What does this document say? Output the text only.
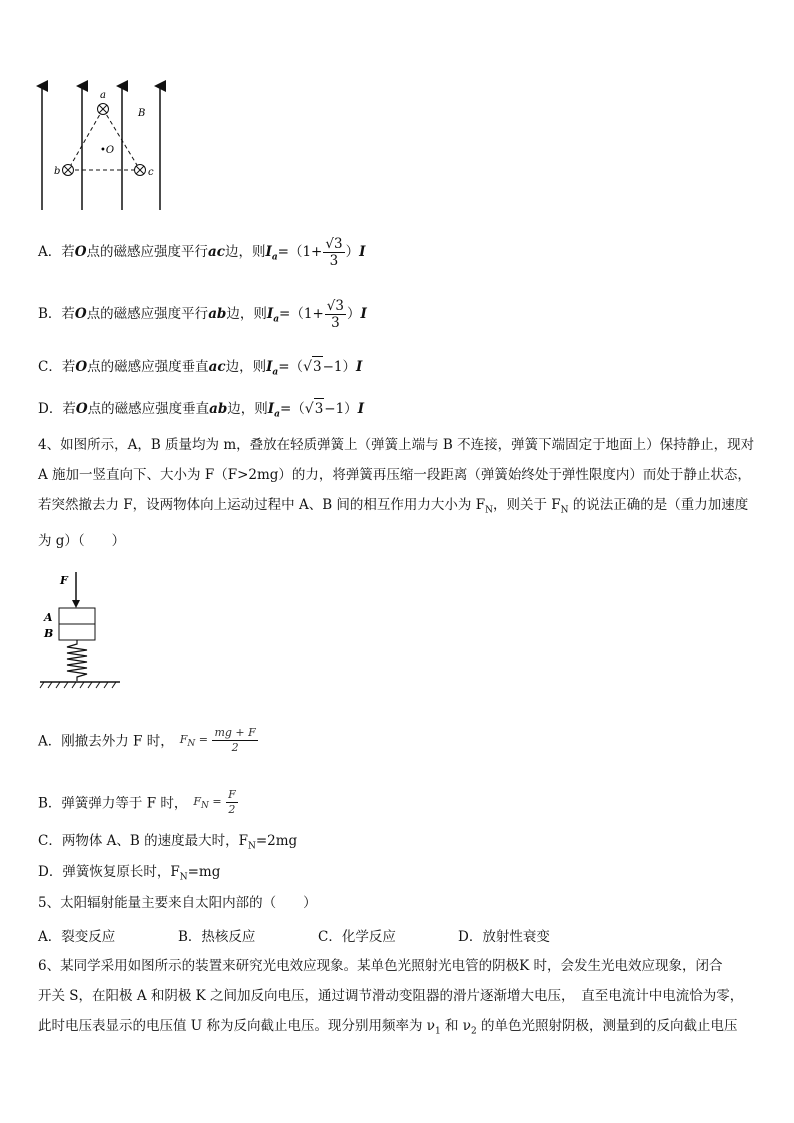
a
b	c
•O
B
A．若O点的磁感应强度平行ac边，则$I_a=(1+ \frac{√3}{3} )I$
B．若O点的磁感应强度平行ab边，则$I_a=(1+ \frac{√3}{3} )I$
C．若O点的磁感应强度垂直ac边，则$I_a=(√3-1)I$
D．若O点的磁感应强度垂直ab边，则$I_a=(√3-1)I$
4、如图所示，A，B 质量均为 m，叠放在轻质弹簧上（弹簧上端与 B 不连接，弹簧下端固定于地面上）保持静止，现对 A 施加一竖直向下、大小为 F（F>2mg）的力，将弹簧再压缩一段距离（弹簧始终处于弹性限度内）而处于静止状态，若突然撤去力 F，设两物体向上运动过程中 A、B 间的相互作用力大小为 $F_N$，则关于 $F_N$ 的说法正确的是（重力加速度为 g）（　　）
F
A
B
A．刚撤去外力 F 时， $F_N = \frac{mg + F}{2}$
B．弹簧弹力等于 F 时， $F_N = \frac{F}{2}$
C．两物体 A、B 的速度最大时，$F_N=2mg$
D．弹簧恢复原长时，$F_N=mg$
5、太阳辐射能量主要来自太阳内部的（　　）
A．裂变反应	B．热核反应	C．化学反应	D．放射性衰变
6、某同学采用如图所示的装置来研究光电效应现象。某单色光照射光电管的阴极K 时，会发生光电效应现象，闭合
开关 S，在阳极 A 和阴极 K 之间加反向电压，通过调节滑动变阻器的滑片逐渐增大电压，　直至电流计中电流恰为零，
此时电压表显示的电压值 U 称为反向截止电压。现分别用频率为 $\nu_1$ 和 $\nu_2$ 的单色光照射阴极，测量到的反向截止电压
